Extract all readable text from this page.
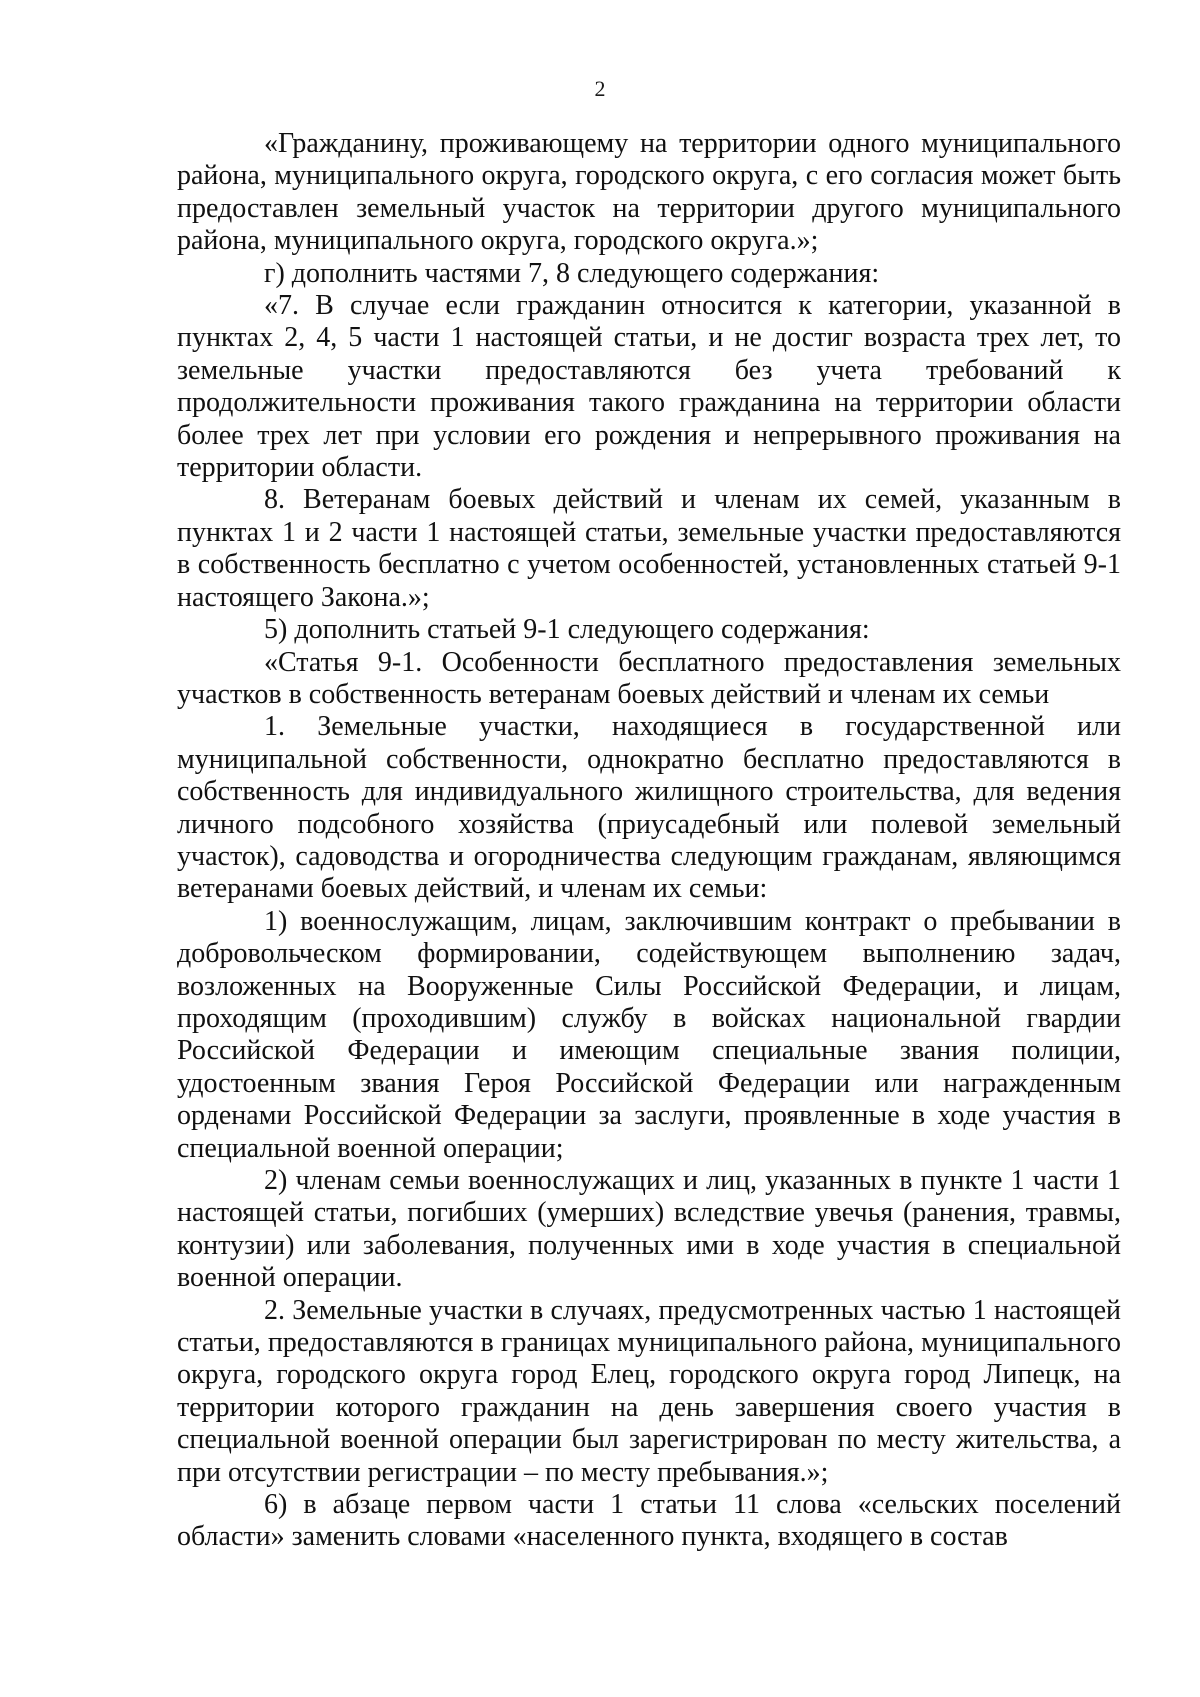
2

«Гражданину, проживающему на территории одного муниципального района, муниципального округа, городского округа, с его согласия может быть предоставлен земельный участок на территории другого муниципального района, муниципального округа, городского округа.»;

г) дополнить частями 7, 8 следующего содержания:

«7. В случае если гражданин относится к категории, указанной в пунктах 2, 4, 5 части 1 настоящей статьи, и не достиг возраста трех лет, то земельные участки предоставляются без учета требований к продолжительности проживания такого гражданина на территории области более трех лет при условии его рождения и непрерывного проживания на территории области.

8. Ветеранам боевых действий и членам их семей, указанным в пунктах 1 и 2 части 1 настоящей статьи, земельные участки предоставляются в собственность бесплатно с учетом особенностей, установленных статьей 9-1 настоящего Закона.»;

5) дополнить статьей 9-1 следующего содержания:

«Статья 9-1. Особенности бесплатного предоставления земельных участков в собственность ветеранам боевых действий и членам их семьи

1. Земельные участки, находящиеся в государственной или муниципальной собственности, однократно бесплатно предоставляются в собственность для индивидуального жилищного строительства, для ведения личного подсобного хозяйства (приусадебный или полевой земельный участок), садоводства и огородничества следующим гражданам, являющимся ветеранами боевых действий, и членам их семьи:

1) военнослужащим, лицам, заключившим контракт о пребывании в добровольческом формировании, содействующем выполнению задач, возложенных на Вооруженные Силы Российской Федерации, и лицам, проходящим (проходившим) службу в войсках национальной гвардии Российской Федерации и имеющим специальные звания полиции, удостоенным звания Героя Российской Федерации или награжденным орденами Российской Федерации за заслуги, проявленные в ходе участия в специальной военной операции;

2) членам семьи военнослужащих и лиц, указанных в пункте 1 части 1 настоящей статьи, погибших (умерших) вследствие увечья (ранения, травмы, контузии) или заболевания, полученных ими в ходе участия в специальной военной операции.

2. Земельные участки в случаях, предусмотренных частью 1 настоящей статьи, предоставляются в границах муниципального района, муниципального округа, городского округа город Елец, городского округа город Липецк, на территории которого гражданин на день завершения своего участия в специальной военной операции был зарегистрирован по месту жительства, а при отсутствии регистрации – по месту пребывания.»;

6) в абзаце первом части 1 статьи 11 слова «сельских поселений области» заменить словами «населенного пункта, входящего в состав
